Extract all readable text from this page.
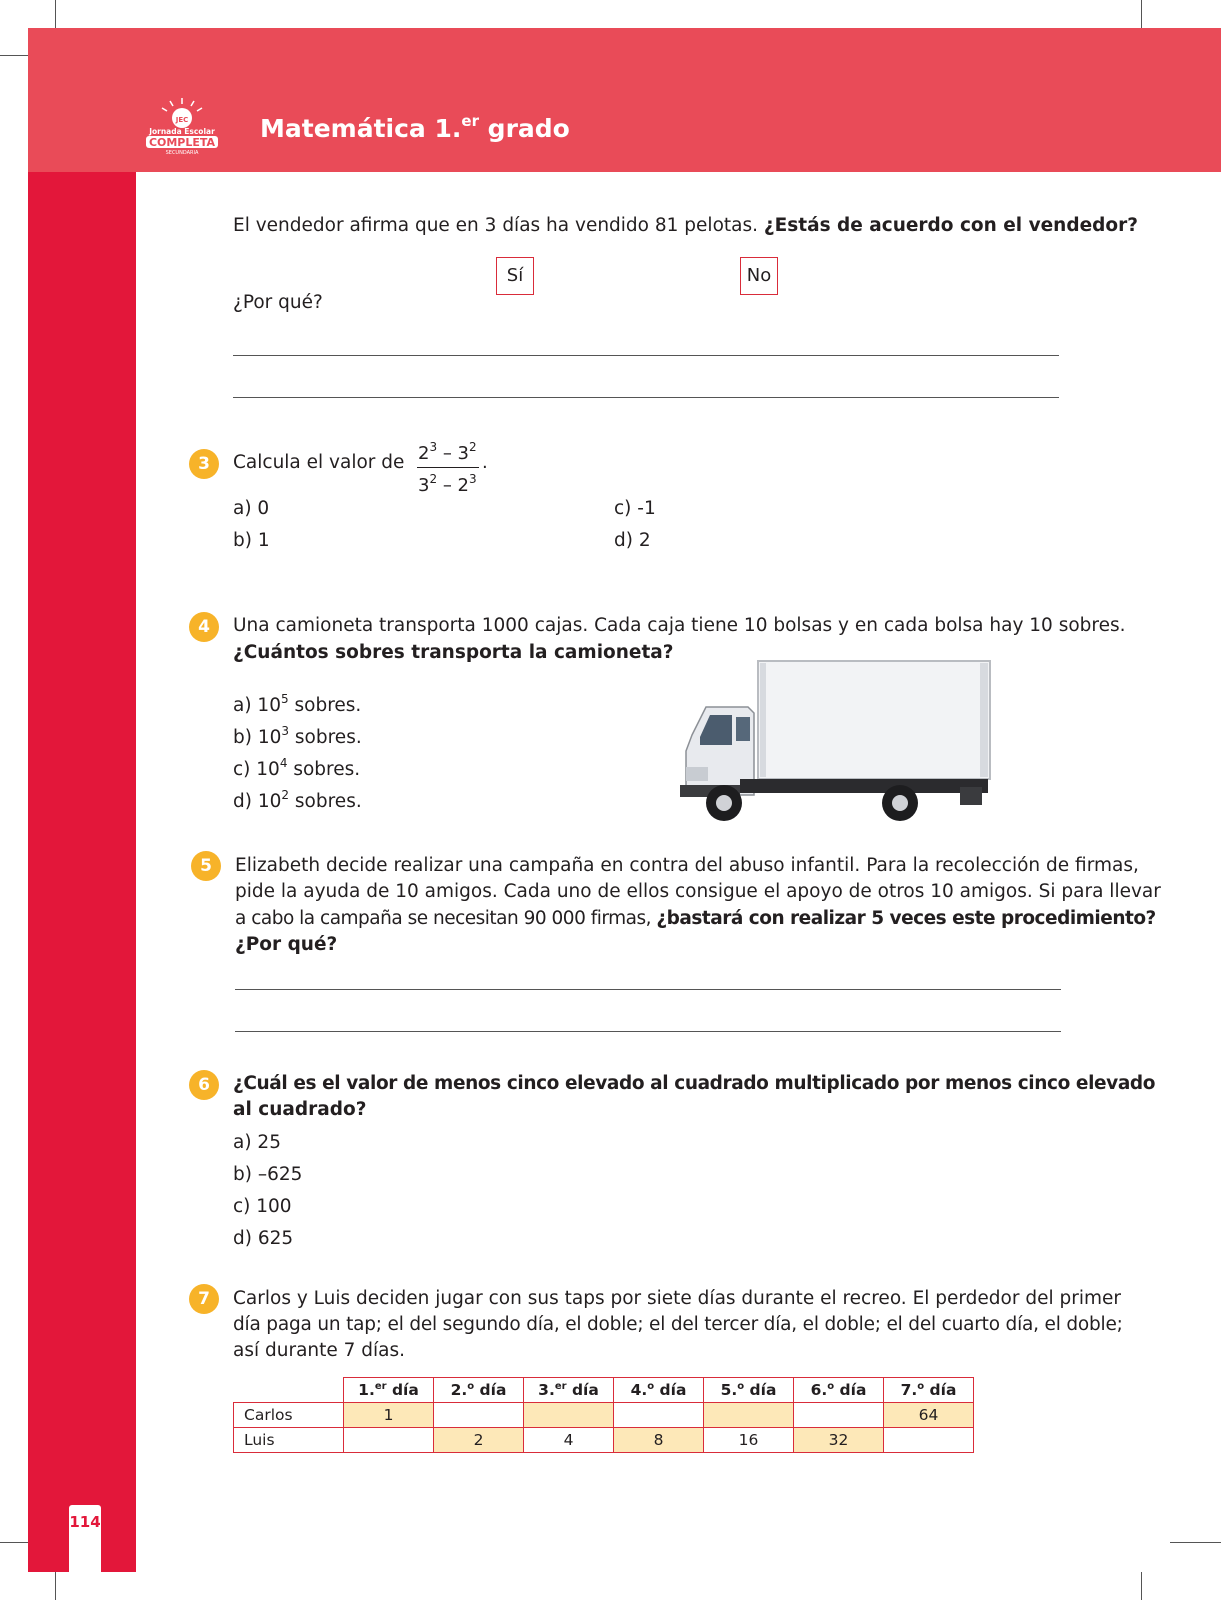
JEC
Jornada Escolar
COMPLETA
SECUNDARIA
Matemática 1.$^{er}$ grado
114
El vendedor afirma que en 3 días ha vendido 81 pelotas. ¿Estás de acuerdo con el vendedor?
Sí	No
¿Por qué?
3	Calcula el valor de $2^3 - 3^2$
$3^2 - 2^3$
.
a) 0
b) 1
c) -1
d) 2
4	Una camioneta transporta 1000 cajas. Cada caja tiene 10 bolsas y en cada bolsa hay 10 sobres.
¿Cuántos sobres transporta la camioneta?
a) $10^5$ sobres.
b) $10^3$ sobres.
c) $10^4$ sobres.
d) $10^2$ sobres.
5	Elizabeth decide realizar una campaña en contra del abuso infantil. Para la recolección de firmas,
pide la ayuda de 10 amigos. Cada uno de ellos consigue el apoyo de otros 10 amigos. Si para llevar
a cabo la campaña se necesitan 90 000 firmas, ¿bastará con realizar 5 veces este procedimiento?
¿Por qué?
6	¿Cuál es el valor de menos cinco elevado al cuadrado multiplicado por menos cinco elevado
al cuadrado?
a) 25
b) –625
c) 100
d) 625
7	Carlos y Luis deciden jugar con sus taps por siete días durante el recreo. El perdedor del primer
día paga un tap; el del segundo día, el doble; el del tercer día, el doble; el del cuarto día, el doble;
así durante 7 días.
	1.$^{er}$ día	2.$^o$ día	3.$^{er}$ día	4.$^o$ día	5.$^o$ día	6.$^o$ día	7.$^o$ día
Carlos	1						64
Luis		2	4	8	16	32	
